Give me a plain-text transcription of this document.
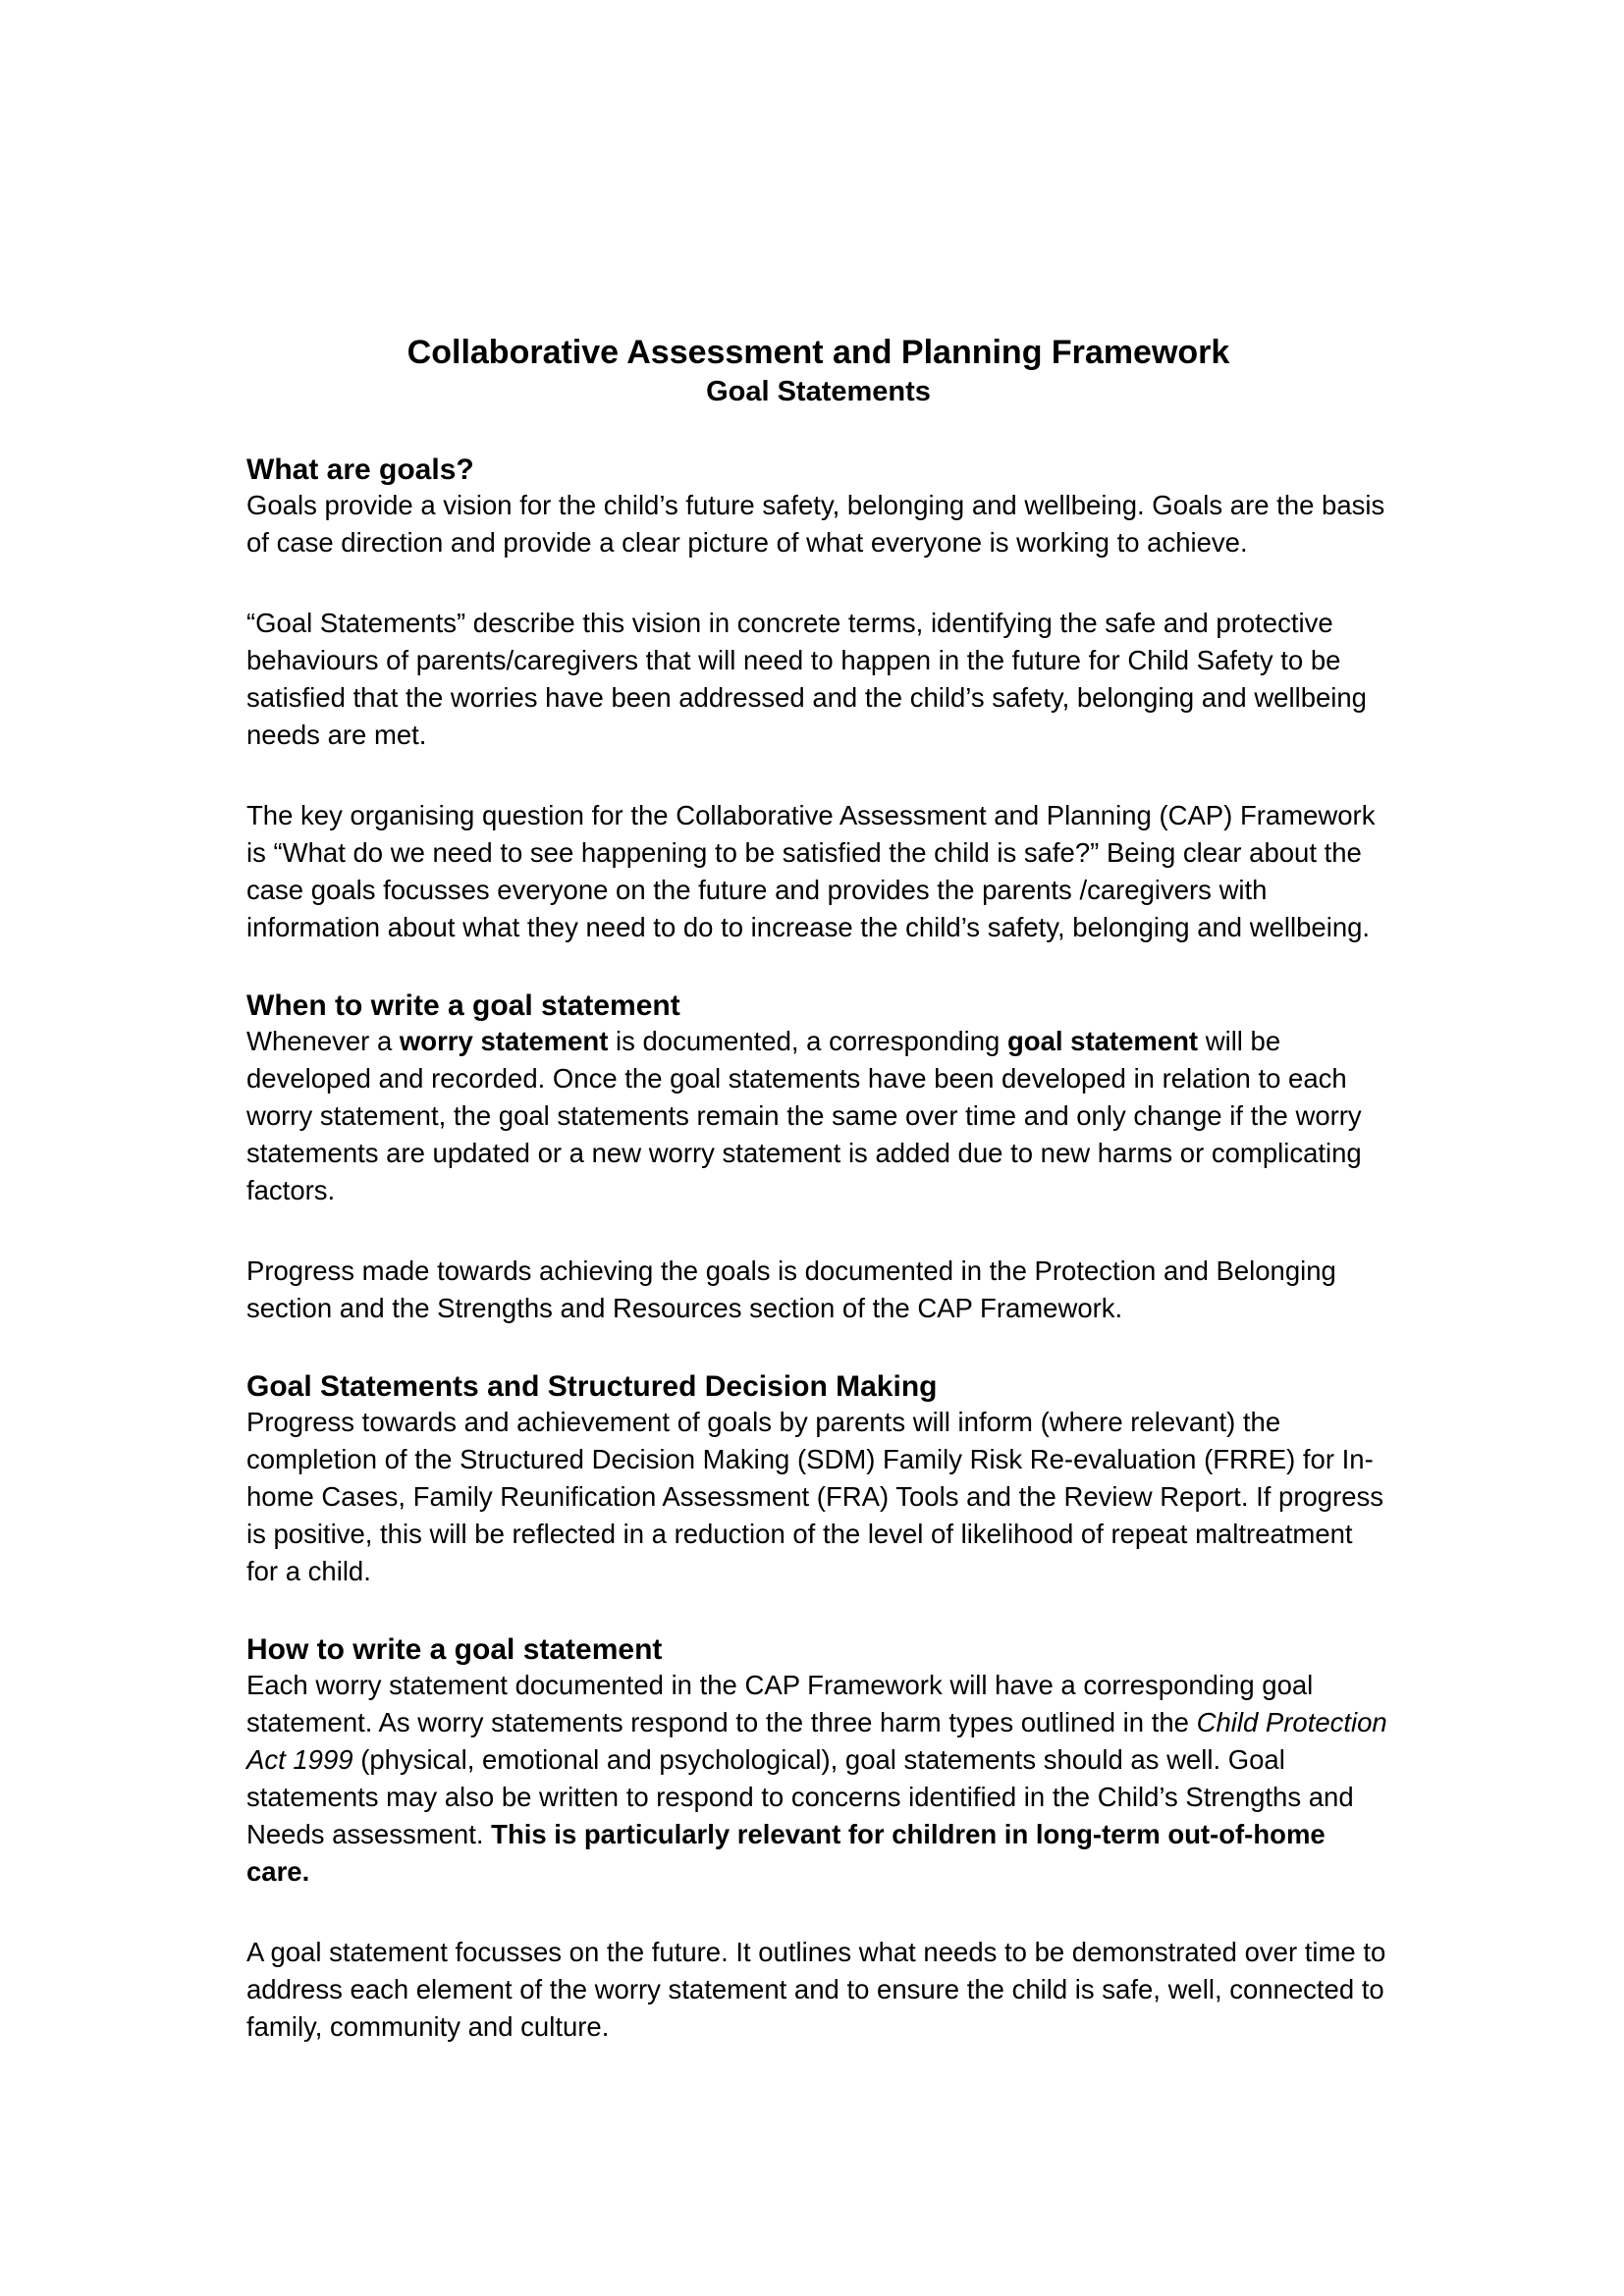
Collaborative Assessment and Planning Framework
Goal Statements
What are goals?

Goals provide a vision for the child’s future safety, belonging and wellbeing. Goals are the basis of case direction and provide a clear picture of what everyone is working to achieve.

“Goal Statements” describe this vision in concrete terms, identifying the safe and protective behaviours of parents/caregivers that will need to happen in the future for Child Safety to be satisfied that the worries have been addressed and the child’s safety, belonging and wellbeing needs are met.

The key organising question for the Collaborative Assessment and Planning (CAP) Framework is “What do we need to see happening to be satisfied the child is safe?” Being clear about the case goals focusses everyone on the future and provides the parents /caregivers with information about what they need to do to increase the child’s safety, belonging and wellbeing.

When to write a goal statement

Whenever a worry statement is documented, a corresponding goal statement will be developed and recorded. Once the goal statements have been developed in relation to each worry statement, the goal statements remain the same over time and only change if the worry statements are updated or a new worry statement is added due to new harms or complicating factors.

Progress made towards achieving the goals is documented in the Protection and Belonging section and the Strengths and Resources section of the CAP Framework.

Goal Statements and Structured Decision Making

Progress towards and achievement of goals by parents will inform (where relevant) the completion of the Structured Decision Making (SDM) Family Risk Re-evaluation (FRRE) for In-home Cases, Family Reunification Assessment (FRA) Tools and the Review Report. If progress is positive, this will be reflected in a reduction of the level of likelihood of repeat maltreatment for a child.

How to write a goal statement

Each worry statement documented in the CAP Framework will have a corresponding goal statement. As worry statements respond to the three harm types outlined in the Child Protection Act 1999 (physical, emotional and psychological), goal statements should as well. Goal statements may also be written to respond to concerns identified in the Child’s Strengths and Needs assessment. This is particularly relevant for children in long-term out-of-home care.

A goal statement focusses on the future. It outlines what needs to be demonstrated over time to address each element of the worry statement and to ensure the child is safe, well, connected to family, community and culture.
